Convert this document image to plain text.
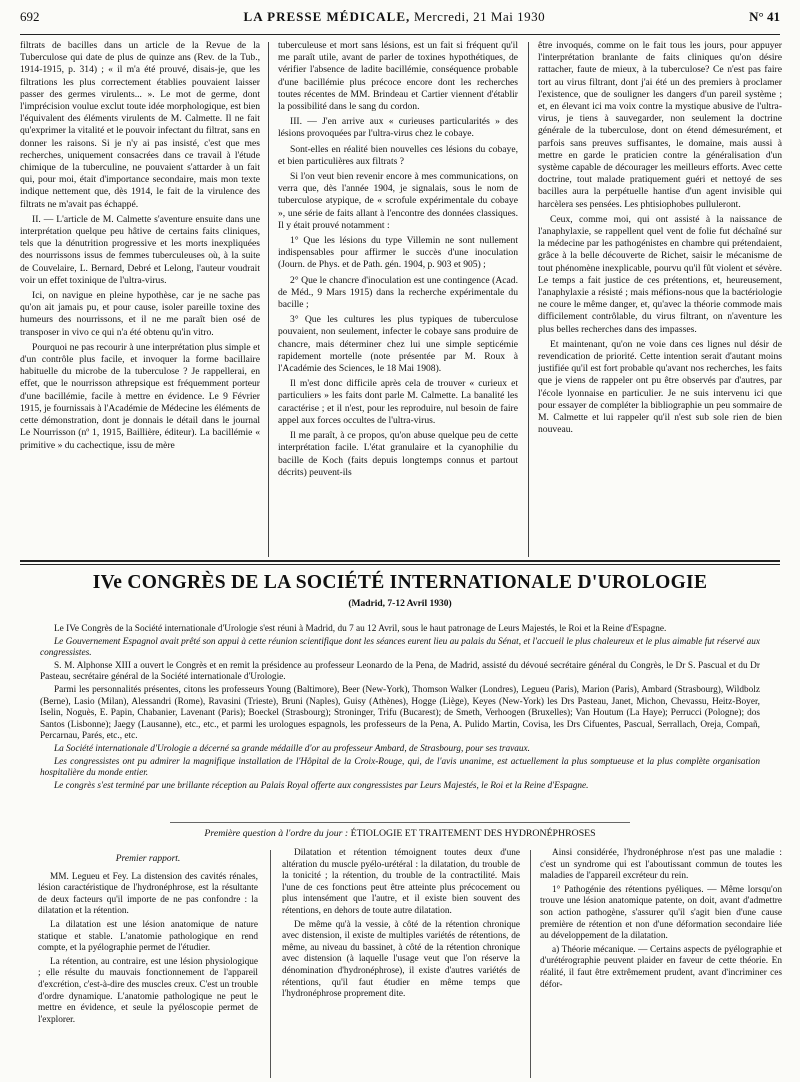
692	LA PRESSE MÉDICALE, Mercredi, 21 Mai 1930	N° 41

filtrats de bacilles dans un article de la Revue de la Tuberculose qui date de plus de quinze ans (Rev. de la Tub., 1914-1915, p. 314) ; « il m'a été prouvé, disais-je, que les filtrations les plus correctement établies pouvaient laisser passer des germes virulents... ». Le mot de germe, dont l'imprécision voulue exclut toute idée morphologique, est bien l'équivalent des éléments virulents de M. Calmette. Il ne fait qu'exprimer la vitalité et le pouvoir infectant du filtrat, sans en donner les raisons. Si je n'y ai pas insisté, c'est que mes recherches, uniquement consacrées dans ce travail à l'étude chimique de la tuberculine, ne pouvaient s'attarder à un fait qui, pour moi, était d'importance secondaire, mais mon texte indique nettement que, dès 1914, le fait de la virulence des filtrats ne m'avait pas échappé.

II. — L'article de M. Calmette s'aventure ensuite dans une interprétation quelque peu hâtive de certains faits cliniques, tels que la dénutrition progressive et les morts inexpliquées des nourrissons issus de femmes tuberculeuses où, à la suite de Couvelaire, L. Bernard, Debré et Lelong, l'auteur voudrait voir un effet toxinique de l'ultra-virus.

Ici, on navigue en pleine hypothèse, car je ne sache pas qu'on ait jamais pu, et pour cause, isoler pareille toxine des humeurs des nourrissons, et il ne me paraît bien osé de transposer in vivo ce qui n'a été obtenu qu'in vitro.

Pourquoi ne pas recourir à une interprétation plus simple et d'un contrôle plus facile, et invoquer la forme bacillaire habituelle du microbe de la tuberculose ? Je rappellerai, en effet, que le nourrisson athrepsique est fréquemment porteur d'une bacillémie, facile à mettre en évidence. Le 9 Février 1915, je fournissais à l'Académie de Médecine les éléments de cette démonstration, dont je donnais le détail dans le journal Le Nourrisson (nº 1, 1915, Baillière, éditeur). La bacillémie « primitive » du cachectique, issu de mère

tuberculeuse et mort sans lésions, est un fait si fréquent qu'il me paraît utile, avant de parler de toxines hypothétiques, de vérifier l'absence de ladite bacillémie, conséquence probable d'une bacillémie plus précoce encore dont les recherches toutes récentes de MM. Brindeau et Cartier viennent d'établir la possibilité dans le sang du cordon.

III. — J'en arrive aux « curieuses particularités » des lésions provoquées par l'ultra-virus chez le cobaye.

Sont-elles en réalité bien nouvelles ces lésions du cobaye, et bien particulières aux filtrats ?

Si l'on veut bien revenir encore à mes communications, on verra que, dès l'année 1904, je signalais, sous le nom de tuberculose atypique, de « scrofule expérimentale du cobaye », une série de faits allant à l'encontre des données classiques. Il y était prouvé notamment :

1° Que les lésions du type Villemin ne sont nullement indispensables pour affirmer le succès d'une inoculation (Journ. de Phys. et de Path. gén. 1904, p. 903 et 905) ;

2° Que le chancre d'inoculation est une contingence (Acad. de Méd., 9 Mars 1915) dans la recherche expérimentale du bacille ;

3° Que les cultures les plus typiques de tuberculose pouvaient, non seulement, infecter le cobaye sans produire de chancre, mais déterminer chez lui une simple septicémie rapidement mortelle (note présentée par M. Roux à l'Académie des Sciences, le 18 Mai 1908).

Il m'est donc difficile après cela de trouver « curieux et particuliers » les faits dont parle M. Calmette. La banalité les caractérise ; et il n'est, pour les reproduire, nul besoin de faire appel aux forces occultes de l'ultra-virus.

Il me paraît, à ce propos, qu'on abuse quelque peu de cette interprétation facile. L'état granulaire et la cyanophilie du bacille de Koch (faits depuis longtemps connus et partout décrits) peuvent-ils

être invoqués, comme on le fait tous les jours, pour appuyer l'interprétation branlante de faits cliniques qu'on désire rattacher, faute de mieux, à la tuberculose? Ce n'est pas faire tort au virus filtrant, dont j'ai été un des premiers à proclamer l'existence, que de souligner les dangers d'un pareil système ; et, en élevant ici ma voix contre la mystique abusive de l'ultra-virus, je tiens à sauvegarder, non seulement la doctrine générale de la tuberculose, dont on étend démesurément, et parfois sans preuves suffisantes, le domaine, mais aussi à mettre en garde le praticien contre la généralisation d'un système capable de décourager les meilleurs efforts. Avec cette doctrine, tout malade pratiquement guéri et nettoyé de ses bacilles aura la perpétuelle hantise d'un agent invisible qui harcèlera ses pensées. Les phtisiophobes pulluleront.

Ceux, comme moi, qui ont assisté à la naissance de l'anaphylaxie, se rappellent quel vent de folie fut déchaîné sur la médecine par les pathogénistes en chambre qui prétendaient, grâce à la belle découverte de Richet, saisir le mécanisme de tout phénomène inexplicable, pourvu qu'il fût violent et sévère. Le temps a fait justice de ces prétentions, et, heureusement, l'anaphylaxie a résisté ; mais méfions-nous que la bactériologie ne coure le même danger, et, qu'avec la théorie commode mais difficilement contrôlable, du virus filtrant, on n'aventure les plus belles recherches dans des impasses.

Et maintenant, qu'on ne voie dans ces lignes nul désir de revendication de priorité. Cette intention serait d'autant moins justifiée qu'il est fort probable qu'avant nos recherches, les faits que je viens de rappeler ont pu être observés par d'autres, par l'école lyonnaise en particulier. Je ne suis intervenu ici que pour essayer de compléter la bibliographie un peu sommaire de M. Calmette et lui rappeler qu'il n'est sub sole rien de bien nouveau.

IVe CONGRÈS DE LA SOCIÉTÉ INTERNATIONALE D'UROLOGIE
(Madrid, 7-12 Avril 1930)

Le IVe Congrès de la Société internationale d'Urologie s'est réuni à Madrid, du 7 au 12 Avril, sous le haut patronage de Leurs Majestés, le Roi et la Reine d'Espagne.

Le Gouvernement Espagnol avait prêté son appui à cette réunion scientifique dont les séances eurent lieu au palais du Sénat, et l'accueil le plus chaleureux et le plus aimable fut réservé aux congressistes.

S. M. Alphonse XIII a ouvert le Congrès et en remit la présidence au professeur Leonardo de la Pena, de Madrid, assisté du dévoué secrétaire général du Congrès, le Dr S. Pascual et du Dr Pasteau, secrétaire général de la Société internationale d'Urologie.

Parmi les personnalités présentes, citons les professeurs Young (Baltimore), Beer (New-York), Thomson Walker (Londres), Legueu (Paris), Marion (Paris), Ambard (Strasbourg), Wildbolz (Berne), Lasio (Milan), Alessandri (Rome), Ravasini (Trieste), Bruni (Naples), Guisy (Athènes), Hogge (Liège), Keyes (New-York) les Drs Pasteau, Janet, Michon, Chevassu, Heitz-Boyer, Iselin, Noguès, E. Papin, Chabanier, Lavenant (Paris); Boeckel (Strasbourg); Stroninger, Trifu (Bucarest); de Smeth, Verhoogen (Bruxelles); Van Houtum (La Haye); Perrucci (Pologne); dos Santos (Lisbonne); Jaegy (Lausanne), etc., etc., et parmi les urologues espagnols, les professeurs de la Pena, A. Pulido Martin, Covisa, les Drs Cifuentes, Pascual, Serrallach, Oreja, Compañ, Percarnau, Parés, etc., etc.

La Société internationale d'Urologie a décerné sa grande médaille d'or au professeur Ambard, de Strasbourg, pour ses travaux.

Les congressistes ont pu admirer la magnifique installation de l'Hôpital de la Croix-Rouge, qui, de l'avis unanime, est actuellement la plus somptueuse et la plus complète organisation hospitalière du monde entier.

Le congrès s'est terminé par une brillante réception au Palais Royal offerte aux congressistes par Leurs Majestés, le Roi et la Reine d'Espagne.

Première question à l'ordre du jour : ÉTIOLOGIE ET TRAITEMENT DES HYDRONÉPHROSES
Premier rapport.

MM. Legueu et Fey. La distension des cavités rénales, lésion caractéristique de l'hydronéphrose, est la résultante de deux facteurs qu'il importe de ne pas confondre : la dilatation et la rétention.

La dilatation est une lésion anatomique de nature statique et stable. L'anatomie pathologique en rend compte, et la pyélographie permet de l'étudier.

La rétention, au contraire, est une lésion physiologique ; elle résulte du mauvais fonctionnement de l'appareil d'excrétion, c'est-à-dire des muscles creux. C'est un trouble d'ordre dynamique. L'anatomie pathologique ne peut le mettre en évidence, et seule la pyéloscopie permet de l'explorer.

Dilatation et rétention témoignent toutes deux d'une altération du muscle pyélo-urétéral : la dilatation, du trouble de la tonicité ; la rétention, du trouble de la contractilité. Mais l'une de ces fonctions peut être atteinte plus précocement ou plus intensément que l'autre, et il existe bien souvent des rétentions, en dehors de toute autre dilatation.

De même qu'à la vessie, à côté de la rétention chronique avec distension, il existe de multiples variétés de rétentions, de même, au niveau du bassinet, à côté de la rétention chronique avec distension (à laquelle l'usage veut que l'on réserve la dénomination d'hydronéphrose), il existe d'autres variétés de rétentions, qu'il faut étudier en même temps que l'hydronéphrose proprement dite.

Ainsi considérée, l'hydronéphrose n'est pas une maladie : c'est un syndrome qui est l'aboutissant commun de toutes les maladies de l'appareil excréteur du rein.

1° Pathogénie des rétentions pyéliques. — Même lorsqu'on trouve une lésion anatomique patente, on doit, avant d'admettre son action pathogène, s'assurer qu'il s'agit bien d'une cause première de rétention et non d'une déformation secondaire liée au développement de la dilatation.

a) Théorie mécanique. — Certains aspects de pyélographie et d'urétérographie peuvent plaider en faveur de cette théorie. En réalité, il faut être extrêmement prudent, avant d'incriminer ces défor-
